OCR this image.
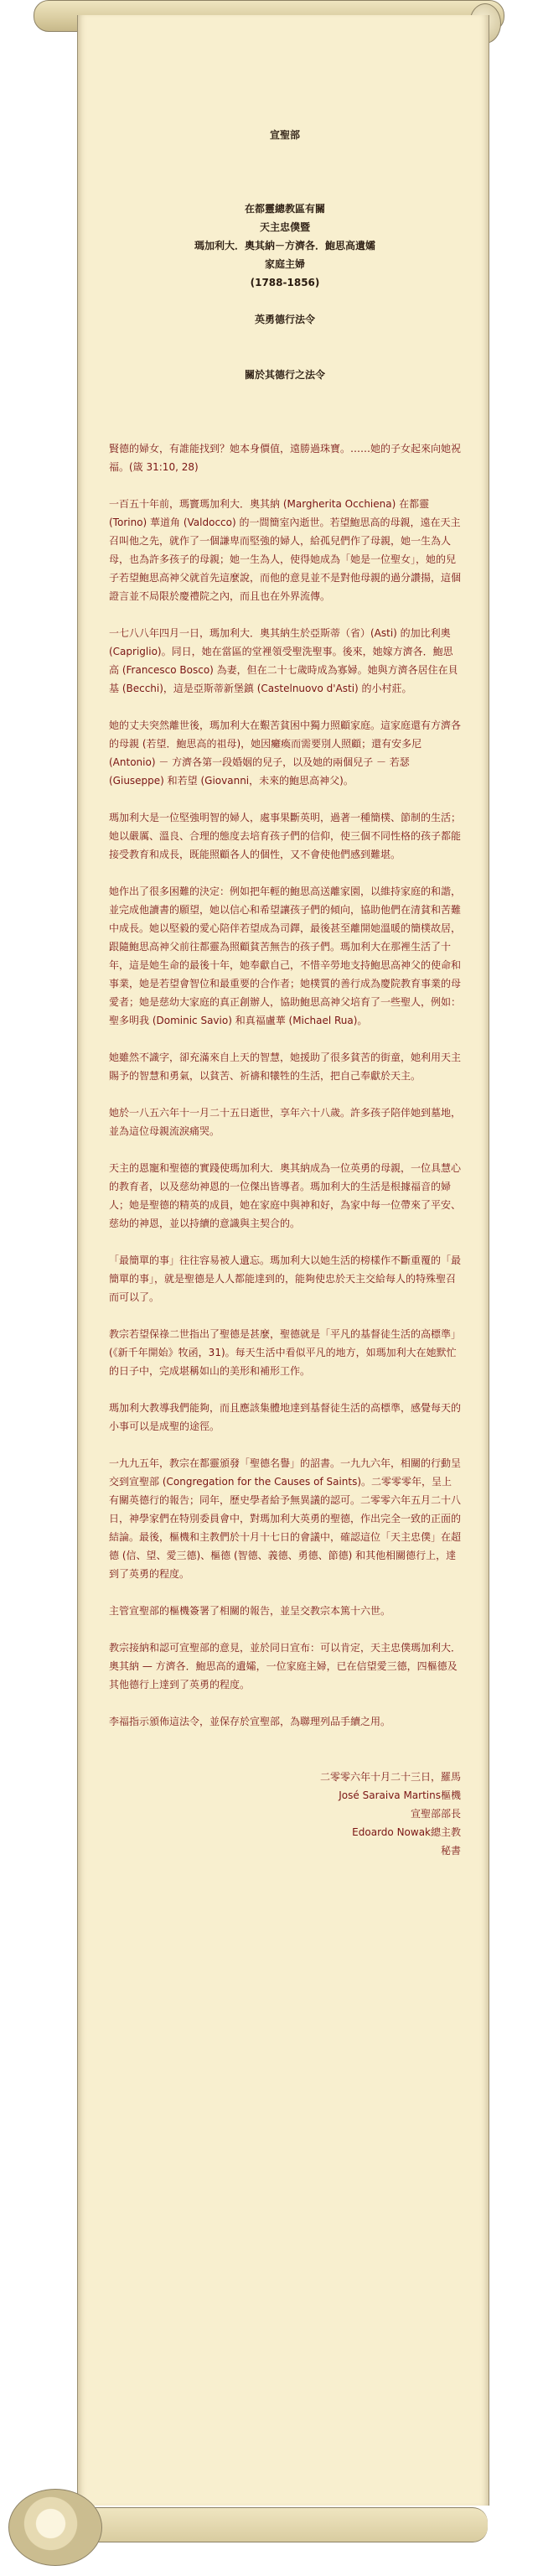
宣聖部
在都靈總教區有關
天主忠僕暨
瑪加利大．奧其納－方濟各．鮑思高遺孀
家庭主婦
(1788-1856)
英勇德行法令
關於其德行之法令

賢德的婦女，有誰能找到？她本身價值，遠勝過珠寶。……她的子女起來向她祝福。(箴 31:10, 28)

一百五十年前，瑪竇瑪加利大．奧其納 (Margherita Occhiena) 在都靈 (Torino) 華道角 (Valdocco) 的一間簡室內逝世。若望鮑思高的母親，遠在天主召叫他之先，就作了一個謙卑而堅強的婦人，給孤兒們作了母親，她一生為人母，也為許多孩子的母親；她一生為人，使得她成為「她是一位聖女」，她的兒子若望鮑思高神父就首先這麼說，而他的意見並不是對他母親的過分讚揚，這個證言並不局限於慶禮院之內，而且也在外界流傳。

一七八八年四月一日，瑪加利大．奧其納生於亞斯蒂（省）(Asti) 的加比利奧 (Capriglio)。同日，她在當區的堂裡領受聖洗聖事。後來，她嫁方濟各．鮑思高 (Francesco Bosco) 為妻，但在二十七歲時成為寡婦。她與方濟各居住在貝基 (Becchi)，這是亞斯蒂新堡鎮 (Castelnuovo d'Asti) 的小村莊。

她的丈夫突然離世後，瑪加利大在艱苦貧困中獨力照顧家庭。這家庭還有方濟各的母親 (若望．鮑思高的祖母)，她因癱瘓而需要別人照顧；還有安多尼 (Antonio) － 方濟各第一段婚姻的兒子，以及她的兩個兒子 － 若瑟 (Giuseppe) 和若望 (Giovanni，未來的鮑思高神父)。

瑪加利大是一位堅強明智的婦人，處事果斷英明，過著一種簡樸、節制的生活；她以嚴厲、溫良、合理的態度去培育孩子們的信仰，使三個不同性格的孩子都能接受教育和成長，既能照顧各人的個性，又不會使他們感到難堪。

她作出了很多困難的決定：例如把年輕的鮑思高送離家園，以維持家庭的和諧，並完成他讀書的願望，她以信心和希望讓孩子們的傾向，協助他們在清貧和苦難中成長。她以堅毅的愛心陪伴若望成為司鐸，最後甚至離開她溫暖的簡樸故居，跟隨鮑思高神父前往都靈為照顧貧苦無告的孩子們。瑪加利大在那裡生活了十年，這是她生命的最後十年，她奉獻自己，不惜辛勞地支持鮑思高神父的使命和事業，她是若望會智位和最重要的合作者；她樸質的善行成為慶院教育事業的母愛者；她是慈幼大家庭的真正創辦人，協助鮑思高神父培育了一些聖人，例如：聖多明我 (Dominic Savio) 和真福盧華 (Michael Rua)。

她雖然不識字，卻充滿來自上天的智慧，她援助了很多貧苦的街童，她利用天主賜予的智慧和勇氣，以貧苦、祈禱和犧牲的生活，把自己奉獻於天主。

她於一八五六年十一月二十五日逝世，享年六十八歲。許多孩子陪伴她到墓地，並為這位母親流淚痛哭。

天主的恩寵和聖德的實踐使瑪加利大．奧其納成為一位英勇的母親，一位具慧心的教育者，以及慈幼神恩的一位傑出皆導者。瑪加利大的生活是根據福音的婦人；她是聖德的精英的成員，她在家庭中與神和好，為家中每一位帶來了平安、慈幼的神恩，並以持續的意識與主契合的。

「最簡單的事」往往容易被人遺忘。瑪加利大以她生活的榜樣作不斷重覆的「最簡單的事」，就是聖德是人人都能達到的，能夠使忠於天主交給每人的特殊聖召而可以了。

教宗若望保祿二世指出了聖德是甚麼，聖德就是「平凡的基督徒生活的高標準」(《新千年開始》牧函，31)。每天生活中看似平凡的地方，如瑪加利大在她默忙的日子中，完成堪稱如山的美形和補形工作。

瑪加利大教導我們能夠，而且應該集體地達到基督徒生活的高標準，感覺每天的小事可以是成聖的途徑。

一九九五年，教宗在都靈頒發「聖德名譽」的詔書。一九九六年，相關的行動呈交到宣聖部 (Congregation for the Causes of Saints)。二零零零年，呈上有關英德行的報告；同年，歷史學者給予無異議的認可。二零零六年五月二十八日，神學家們在特別委員會中，對瑪加利大英勇的聖德，作出完全一致的正面的結論。最後，樞機和主教們於十月十七日的會議中，確認這位「天主忠僕」在超德 (信、望、愛三德)、樞德 (智德、義德、勇德、節德) 和其他相關德行上，達到了英勇的程度。

主管宣聖部的樞機簽署了相關的報告，並呈交教宗本篤十六世。

教宗接納和認可宣聖部的意見，並於同日宣布：可以肯定，天主忠僕瑪加利大．奧其納 — 方濟各．鮑思高的遺孀，一位家庭主婦，已在信望愛三德，四樞德及其他德行上達到了英勇的程度。

李福指示頒佈這法令，並保存於宣聖部，為聯理列品手續之用。

二零零六年十月二十三日，羅馬
José Saraiva Martins樞機
宣聖部部長
Edoardo Nowak總主教
秘書
